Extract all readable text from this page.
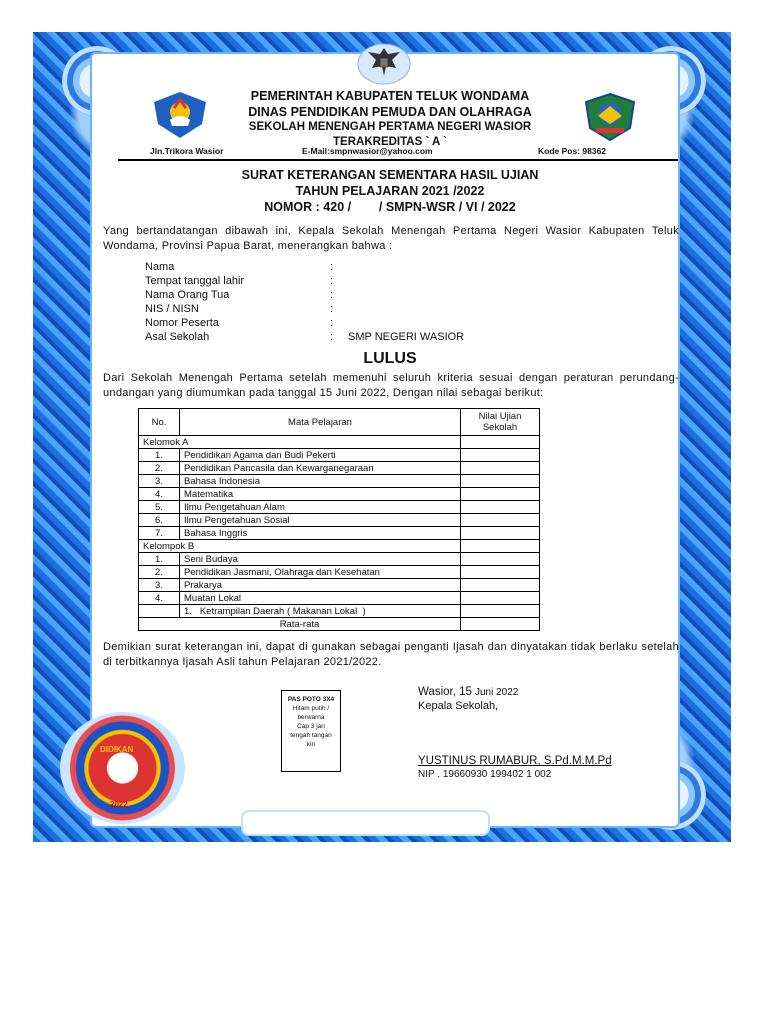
PEMERINTAH KABUPATEN TELUK WONDAMA
DINAS PENDIDIKAN PEMUDA DAN OLAHRAGA
SEKOLAH MENENGAH PERTAMA NEGERI WASIOR
TERAKREDITAS ` A `
Jln.Trikora Wasior	E-Mail:smpnwasior@yahoo.com	Kode Pos: 98362
SURAT KETERANGAN SEMENTARA HASIL UJIAN
TAHUN PELAJARAN 2021 /2022
NOMOR : 420 /        / SMPN-WSR / VI / 2022
Yang bertandatangan dibawah ini, Kepala Sekolah Menengah Pertama Negeri Wasior Kabupaten Teluk Wondama, Provinsi Papua Barat, menerangkan bahwa :
Nama	:
Tempat tanggal lahir	:
Nama Orang Tua	:
NIS / NISN	:
Nomor Peserta	:
Asal Sekolah	: SMP NEGERI WASIOR
LULUS
Dari Sekolah Menengah Pertama setelah memenuhi seluruh kriteria sesuai dengan peraturan perundang-undangan yang diumumkan pada tanggal 15 Juni 2022, Dengan nilai sebagai berikut:
No.	Mata Pelajaran	Nilai Ujian
Sekolah
Kelomok A		
1.	Pendidikan Agama dan Budi Pekerti	
2.	Pendidikan Pancasila dan Kewarganegaraan	
3.	Bahasa Indonesia	
4.	Matematika	
5.	Ilmu Pengetahuan Alam	
6.	Ilmu Pengetahuan Sosial	
7.	Bahasa Inggris	
Kelompok B		
1.	Seni Budaya	
2.	Pendidikan Jasmani, Olahraga dan Kesehatan	
3.	Prakarya	
4.	Muatan Lokal	
	1.   Ketrampilan Daerah ( Makanan Lokal  )	
Rata-rata		
Demikian surat keterangan ini, dapat di gunakan sebagai penganti Ijasah dan dinyatakan tidak berlaku setelah di terbitkannya Ijasah Asli tahun Pelajaran 2021/2022.
PAS POTO 3X4
Hitam putih /
berwarna
Cap 3 jari
tengah tangan
kiri
DIDIKAN
2022
Wasior, 15 Juni 2022
Kepala Sekolah,
YUSTINUS RUMABUR, S.Pd.M.M.Pd
NIP . 19660930 199402 1 002
